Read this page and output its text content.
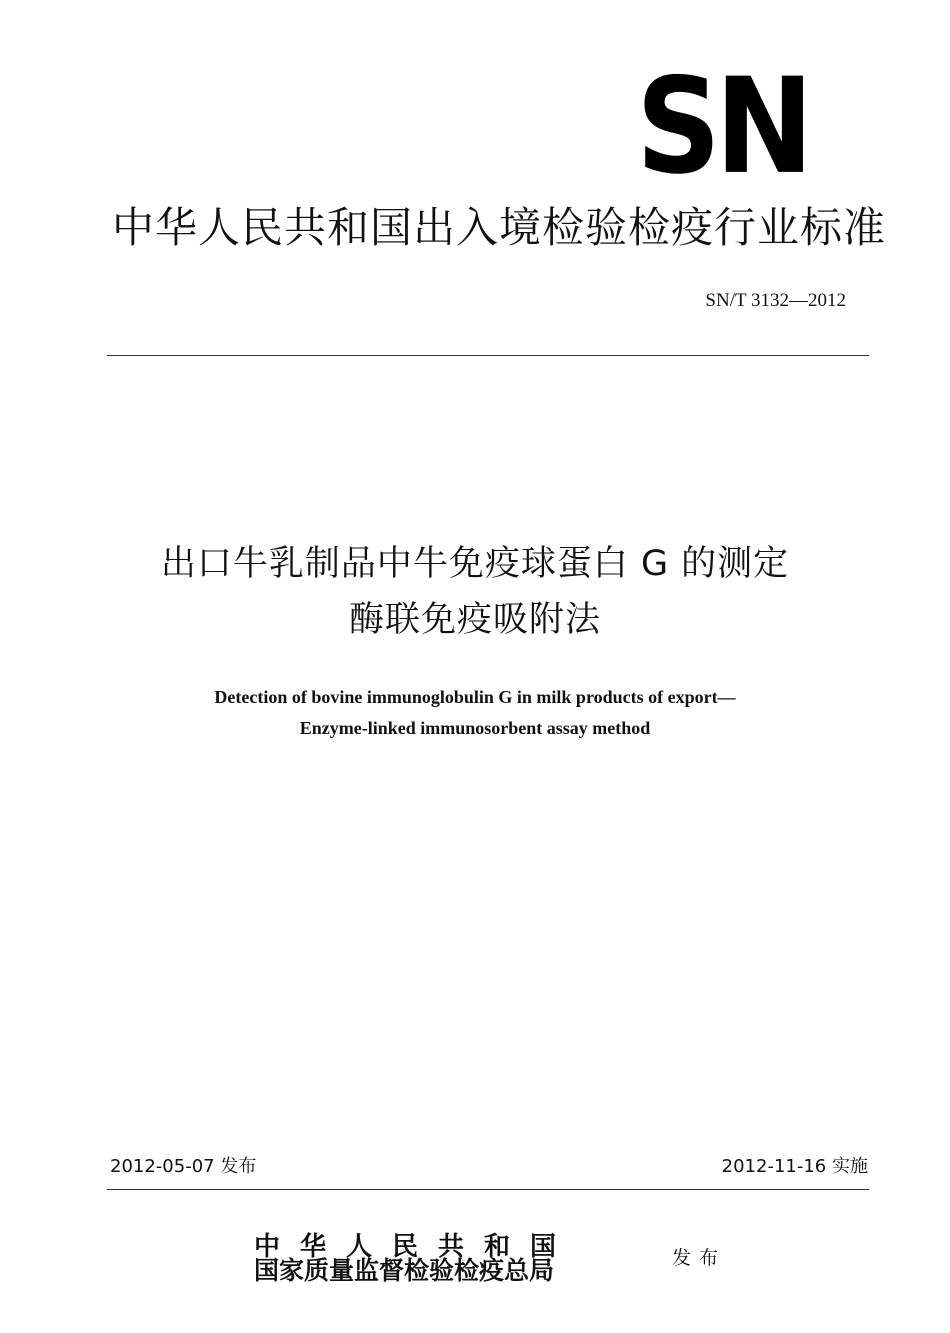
SN
中华人民共和国出入境检验检疫行业标准
SN/T 3132—2012
出口牛乳制品中牛免疫球蛋白 G 的测定
酶联免疫吸附法
Detection of bovine immunoglobulin G in milk products of export—
Enzyme-linked immunosorbent assay method
2012-05-07 发布	2012-11-16 实施
中华人民共和国
国家质量监督检验检疫总局	发布
